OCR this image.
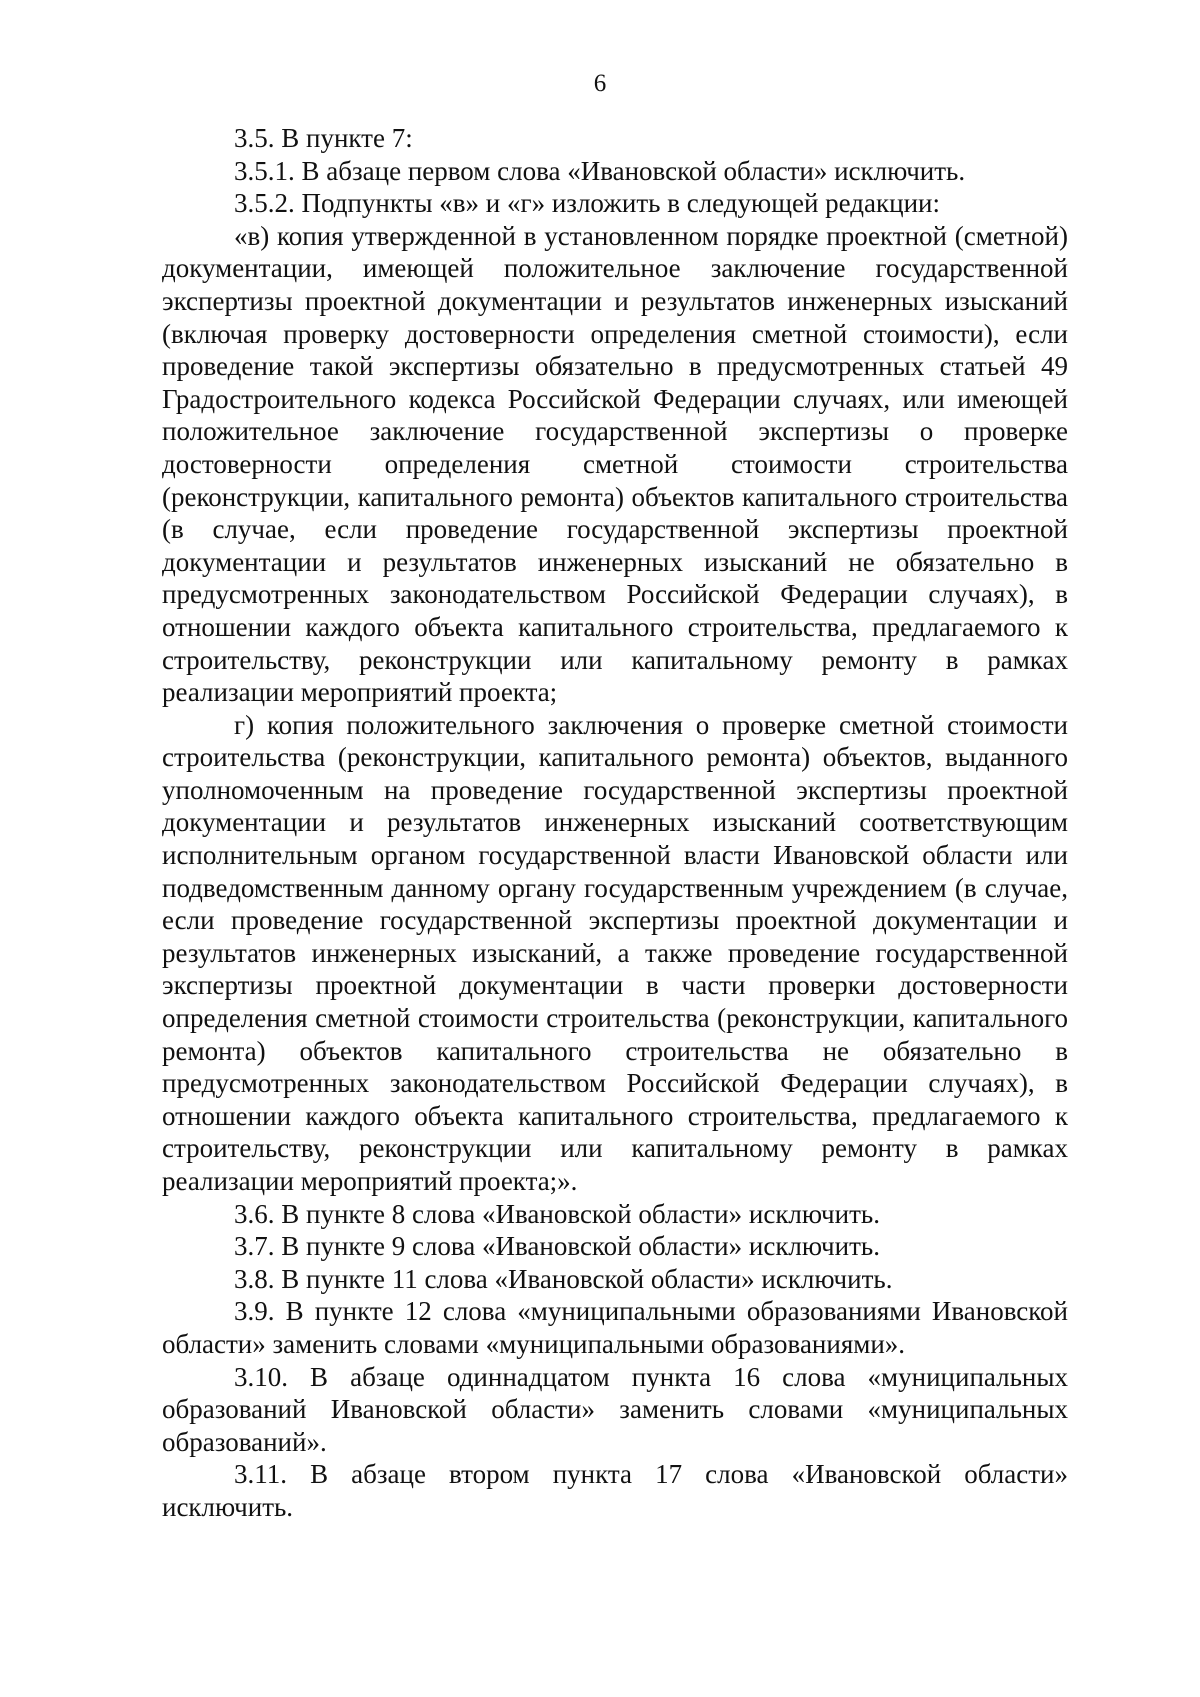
6

3.5. В пункте 7:

3.5.1. В абзаце первом слова «Ивановской области» исключить.

3.5.2. Подпункты «в» и «г» изложить в следующей редакции:

«в) копия утвержденной в установленном порядке проектной (сметной) документации, имеющей положительное заключение государственной экспертизы проектной документации и результатов инженерных изысканий (включая проверку достоверности определения сметной стоимости), если проведение такой экспертизы обязательно в предусмотренных статьей 49 Градостроительного кодекса Российской Федерации случаях, или имеющей положительное заключение государственной экспертизы о проверке достоверности определения сметной стоимости строительства (реконструкции, капитального ремонта) объектов капитального строительства (в случае, если проведение государственной экспертизы проектной документации и результатов инженерных изысканий не обязательно в предусмотренных законодательством Российской Федерации случаях), в отношении каждого объекта капитального строительства, предлагаемого к строительству, реконструкции или капитальному ремонту в рамках реализации мероприятий проекта;

г) копия положительного заключения о проверке сметной стоимости строительства (реконструкции, капитального ремонта) объектов, выданного уполномоченным на проведение государственной экспертизы проектной документации и результатов инженерных изысканий соответствующим исполнительным органом государственной власти Ивановской области или подведомственным данному органу государственным учреждением (в случае, если проведение государственной экспертизы проектной документации и результатов инженерных изысканий, а также проведение государственной экспертизы проектной документации в части проверки достоверности определения сметной стоимости строительства (реконструкции, капитального ремонта) объектов капитального строительства не обязательно в предусмотренных законодательством Российской Федерации случаях), в отношении каждого объекта капитального строительства, предлагаемого к строительству, реконструкции или капитальному ремонту в рамках реализации мероприятий проекта;».

3.6. В пункте 8 слова «Ивановской области» исключить.

3.7. В пункте 9 слова «Ивановской области» исключить.

3.8. В пункте 11 слова «Ивановской области» исключить.

3.9. В пункте 12 слова «муниципальными образованиями Ивановской области» заменить словами «муниципальными образованиями».

3.10. В абзаце одиннадцатом пункта 16 слова «муниципальных образований Ивановской области» заменить словами «муниципальных образований».

3.11. В абзаце втором пункта 17 слова «Ивановской области» исключить.
